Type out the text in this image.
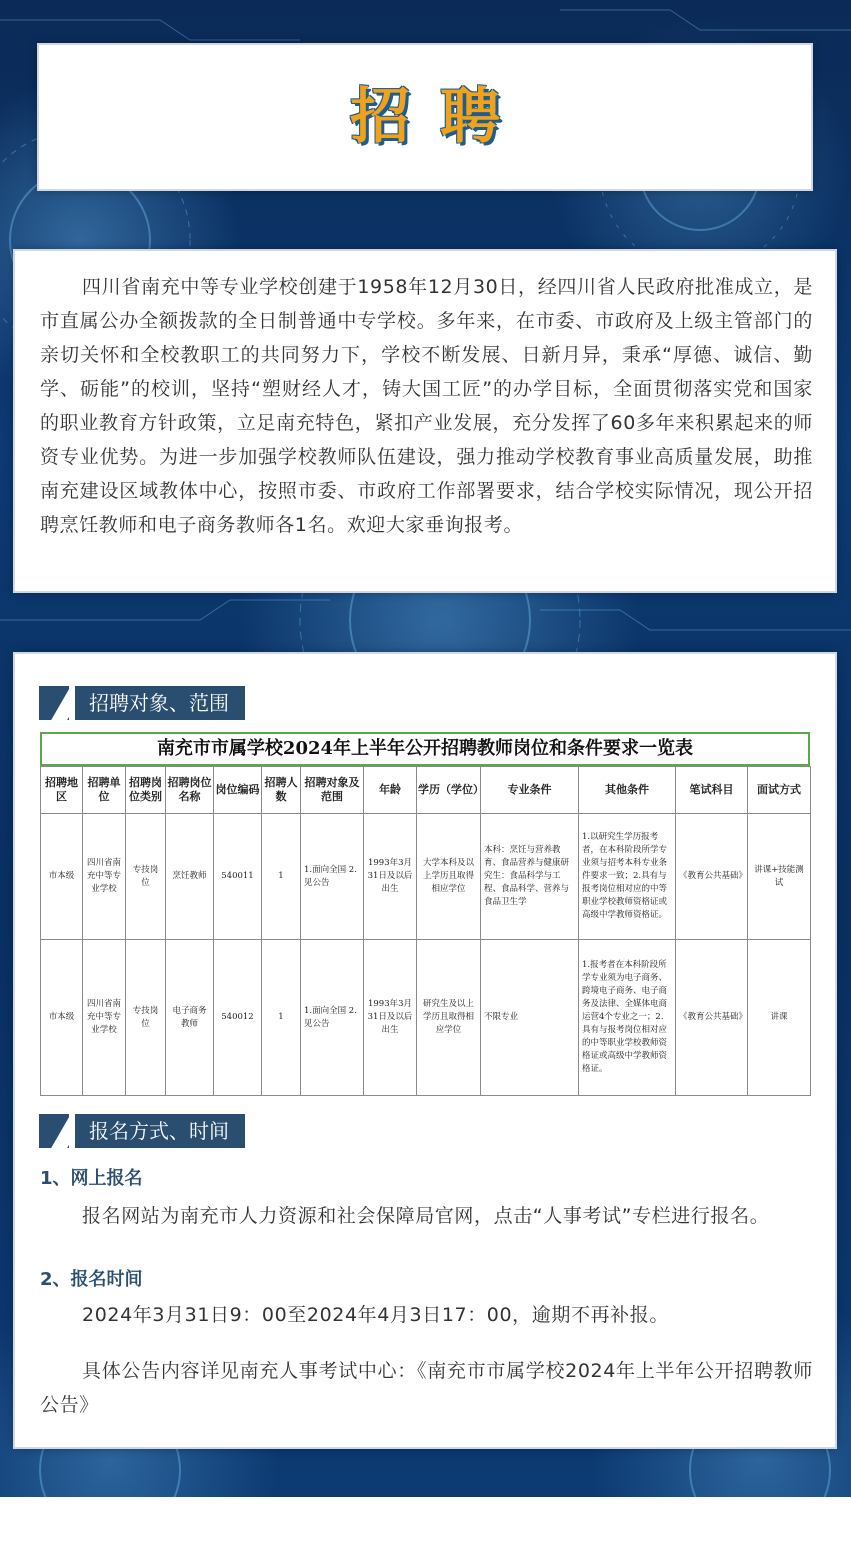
招聘
四川省南充中等专业学校创建于1958年12月30日，经四川省人民政府批准成立，是市直属公办全额拨款的全日制普通中专学校。多年来，在市委、市政府及上级主管部门的亲切关怀和全校教职工的共同努力下，学校不断发展、日新月异，秉承“厚德、诚信、勤学、砺能”的校训，坚持“塑财经人才，铸大国工匠”的办学目标，全面贯彻落实党和国家的职业教育方针政策，立足南充特色，紧扣产业发展，充分发挥了60多年来积累起来的师资专业优势。为进一步加强学校教师队伍建设，强力推动学校教育事业高质量发展，助推南充建设区域教体中心，按照市委、市政府工作部署要求，结合学校实际情况，现公开招聘烹饪教师和电子商务教师各1名。欢迎大家垂询报考。
招聘对象、范围
南充市市属学校2024年上半年公开招聘教师岗位和条件要求一览表
招聘地区	招聘单位	招聘岗位类别	招聘岗位名称	岗位编码	招聘人数	招聘对象及范围	年龄	学历（学位）	专业条件	其他条件	笔试科目	面试方式
市本级	四川省南充中等专业学校	专技岗位	烹饪教师	540011	1	1.面向全国 2.见公告	1993年3月31日及以后出生	大学本科及以上学历且取得相应学位	本科：烹饪与营养教育、食品营养与健康研究生：食品科学与工程、食品科学、营养与食品卫生学	1.以研究生学历报考者，在本科阶段所学专业须与招考本科专业条件要求一致；2.具有与报考岗位相对应的中等职业学校教师资格证或高级中学教师资格证。	《教育公共基础》	讲课+技能测试
市本级	四川省南充中等专业学校	专技岗位	电子商务教师	540012	1	1.面向全国 2.见公告	1993年3月31日及以后出生	研究生及以上学历且取得相应学位	不限专业	1.报考者在本科阶段所学专业须为电子商务、跨境电子商务、电子商务及法律、全媒体电商运营4个专业之一；2.具有与报考岗位相对应的中等职业学校教师资格证或高级中学教师资格证。	《教育公共基础》	讲课
报名方式、时间
1、网上报名
报名网站为南充市人力资源和社会保障局官网，点击“人事考试”专栏进行报名。
2、报名时间
2024年3月31日9：00至2024年4月3日17：00，逾期不再补报。
具体公告内容详见南充人事考试中心：《南充市市属学校2024年上半年公开招聘教师公告》
